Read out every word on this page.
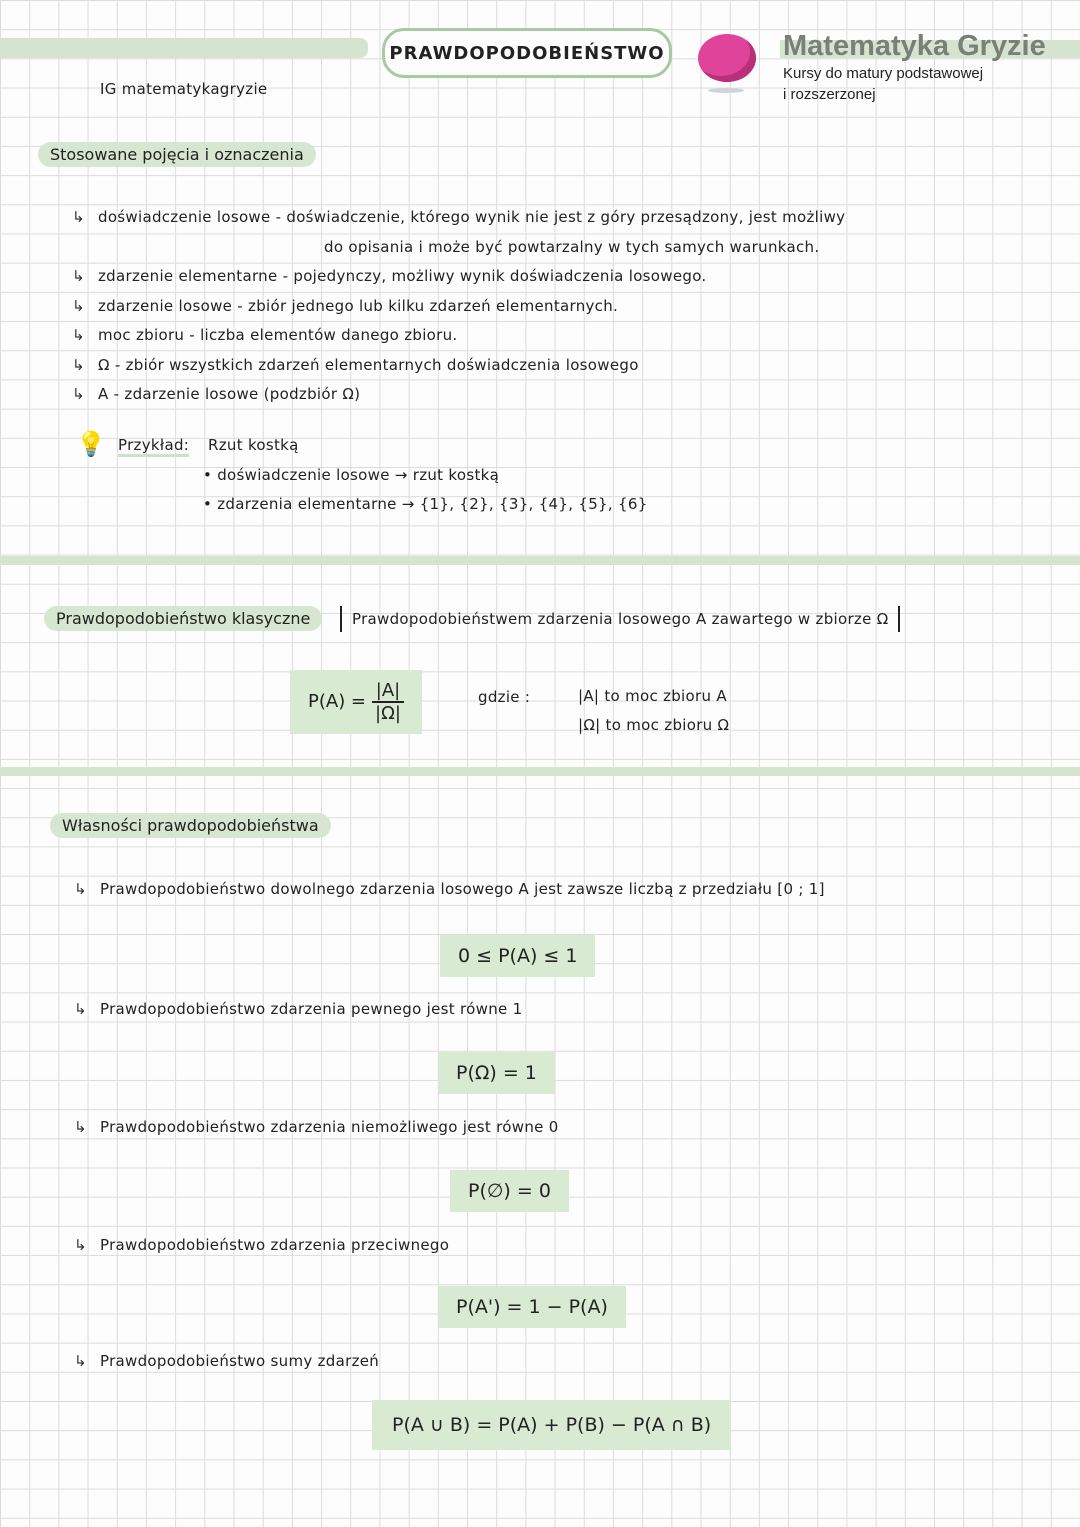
PRAWDOPODOBIEŃSTWO	Matematyka Gryzie
Kursy do matury podstawowej
i rozszerzonej
IG matematykagryzie
Stosowane pojęcia i oznaczenia
↳ doświadczenie losowe - doświadczenie, którego wynik nie jest z góry przesądzony, jest możliwy
do opisania i może być powtarzalny w tych samych warunkach.
↳ zdarzenie elementarne - pojedynczy, możliwy wynik doświadczenia losowego.
↳ zdarzenie losowe - zbiór jednego lub kilku zdarzeń elementarnych.
↳ moc zbioru - liczba elementów danego zbioru.
↳ Ω - zbiór wszystkich zdarzeń elementarnych doświadczenia losowego
↳ A - zdarzenie losowe (podzbiór Ω)
💡 Przykład: Rzut kostką
• doświadczenie losowe → rzut kostką
• zdarzenia elementarne → {1}, {2}, {3}, {4}, {5}, {6}
Prawdopodobieństwo klasyczne	Prawdopodobieństwem zdarzenia losowego A zawartego w zbiorze Ω
$P(A) = \frac{|A|}{|\Omega|}$	gdzie :	|A| to moc zbioru A
|Ω| to moc zbioru Ω
Własności prawdopodobieństwa
↳ Prawdopodobieństwo dowolnego zdarzenia losowego A jest zawsze liczbą z przedziału [0 ; 1]
0 ≤ P(A) ≤ 1
↳ Prawdopodobieństwo zdarzenia pewnego jest równe 1
P(Ω) = 1
↳ Prawdopodobieństwo zdarzenia niemożliwego jest równe 0
P(∅) = 0
↳ Prawdopodobieństwo zdarzenia przeciwnego
P(A') = 1 − P(A)
↳ Prawdopodobieństwo sumy zdarzeń
P(A ∪ B) = P(A) + P(B) − P(A ∩ B)
